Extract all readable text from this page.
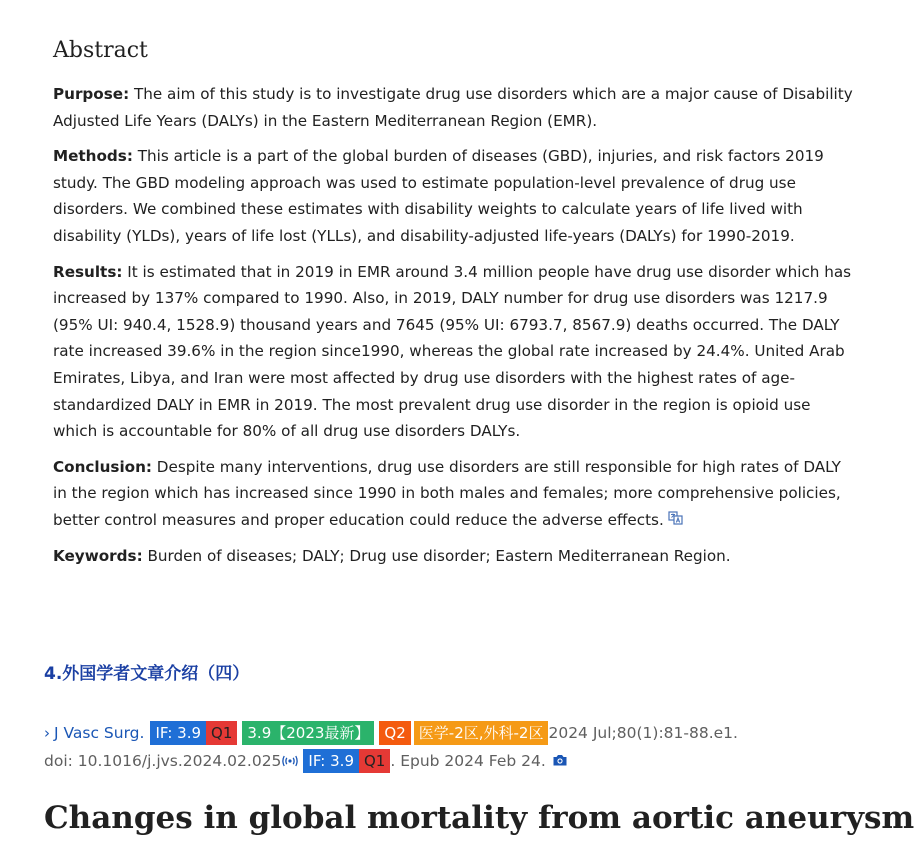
Abstract

Purpose: The aim of this study is to investigate drug use disorders which are a major cause of Disability Adjusted Life Years (DALYs) in the Eastern Mediterranean Region (EMR).

Methods: This article is a part of the global burden of diseases (GBD), injuries, and risk factors 2019 study. The GBD modeling approach was used to estimate population-level prevalence of drug use disorders. We combined these estimates with disability weights to calculate years of life lived with disability (YLDs), years of life lost (YLLs), and disability-adjusted life-years (DALYs) for 1990-2019.

Results: It is estimated that in 2019 in EMR around 3.4 million people have drug use disorder which has increased by 137% compared to 1990. Also, in 2019, DALY number for drug use disorders was 1217.9 (95% UI: 940.4, 1528.9) thousand years and 7645 (95% UI: 6793.7, 8567.9) deaths occurred. The DALY rate increased 39.6% in the region since1990, whereas the global rate increased by 24.4%. United Arab Emirates, Libya, and Iran were most affected by drug use disorders with the highest rates of age-standardized DALY in EMR in 2019. The most prevalent drug use disorder in the region is opioid use which is accountable for 80% of all drug use disorders DALYs.

Conclusion: Despite many interventions, drug use disorders are still responsible for high rates of DALY in the region which has increased since 1990 in both males and females; more comprehensive policies, better control measures and proper education could reduce the adverse effects.

Keywords: Burden of diseases; DALY; Drug use disorder; Eastern Mediterranean Region.

4.外国学者文章介绍（四）
› J Vasc Surg. IF: 3.9 Q1 3.9【2023最新】 Q2 医学-2区,外科-2区 2024 Jul;80(1):81-88.e1.
doi: 10.1016/j.jvs.2024.02.025 IF: 3.9 Q1 . Epub 2024 Feb 24.
Changes in global mortality from aortic aneurysm
